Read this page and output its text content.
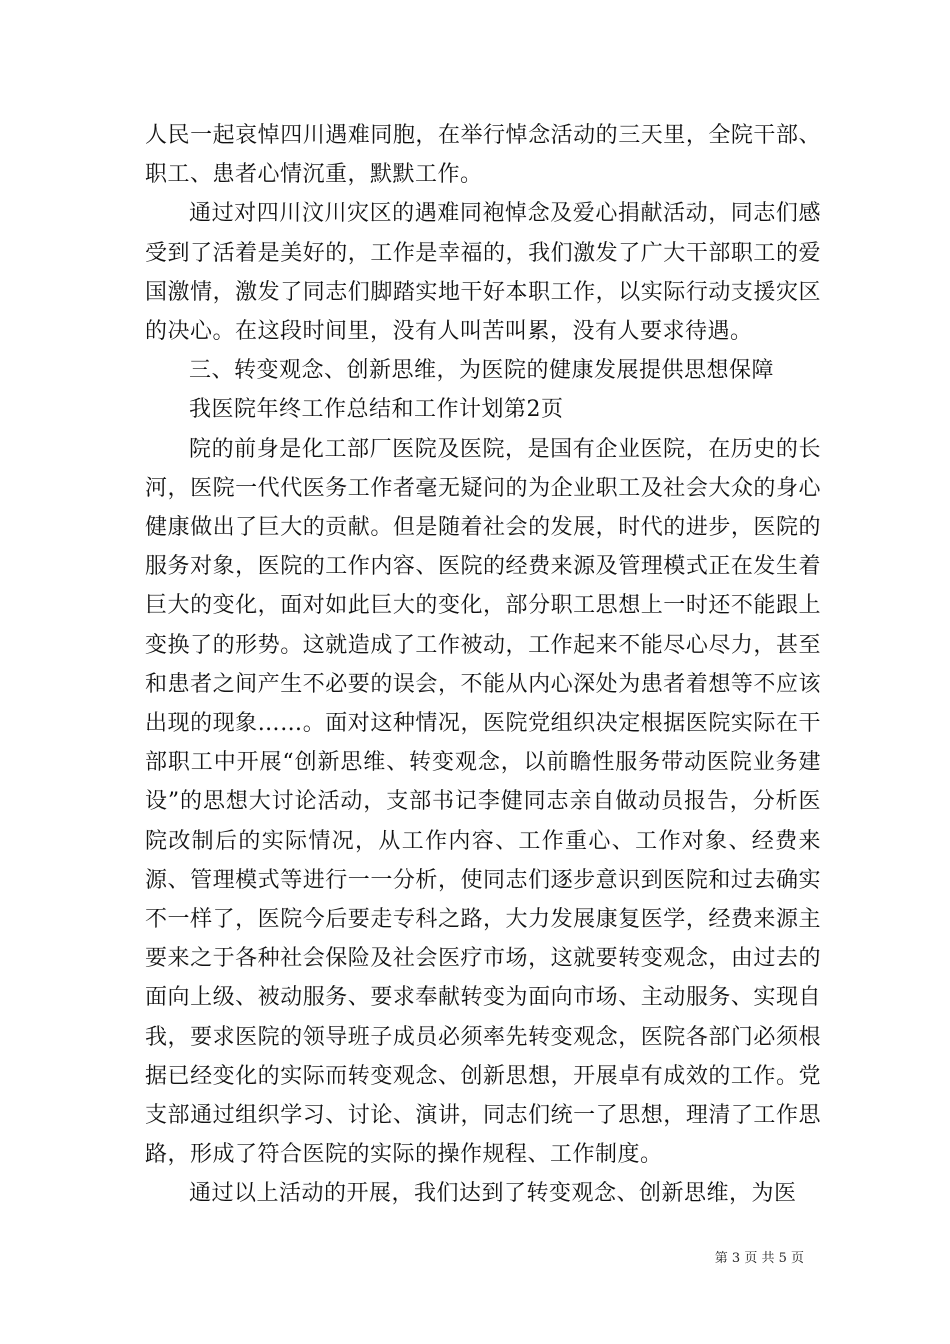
人民一起哀悼四川遇难同胞，在举行悼念活动的三天里，全院干部、职工、患者心情沉重，默默工作。

通过对四川汶川灾区的遇难同袍悼念及爱心捐献活动，同志们感受到了活着是美好的，工作是幸福的，我们激发了广大干部职工的爱国激情，激发了同志们脚踏实地干好本职工作，以实际行动支援灾区的决心。在这段时间里，没有人叫苦叫累，没有人要求待遇。

三、转变观念、创新思维，为医院的健康发展提供思想保障

我医院年终工作总结和工作计划第2页

院的前身是化工部厂医院及医院，是国有企业医院，在历史的长河，医院一代代医务工作者毫无疑问的为企业职工及社会大众的身心健康做出了巨大的贡献。但是随着社会的发展，时代的进步，医院的服务对象，医院的工作内容、医院的经费来源及管理模式正在发生着巨大的变化，面对如此巨大的变化，部分职工思想上一时还不能跟上变换了的形势。这就造成了工作被动，工作起来不能尽心尽力，甚至和患者之间产生不必要的误会，不能从内心深处为患者着想等不应该出现的现象……。面对这种情况，医院党组织决定根据医院实际在干部职工中开展“创新思维、转变观念，以前瞻性服务带动医院业务建设”的思想大讨论活动，支部书记李健同志亲自做动员报告，分析医院改制后的实际情况，从工作内容、工作重心、工作对象、经费来源、管理模式等进行一一分析，使同志们逐步意识到医院和过去确实不一样了，医院今后要走专科之路，大力发展康复医学，经费来源主要来之于各种社会保险及社会医疗市场，这就要转变观念，由过去的面向上级、被动服务、要求奉献转变为面向市场、主动服务、实现自我，要求医院的领导班子成员必须率先转变观念，医院各部门必须根据已经变化的实际而转变观念、创新思想，开展卓有成效的工作。党支部通过组织学习、讨论、演讲，同志们统一了思想，理清了工作思路，形成了符合医院的实际的操作规程、工作制度。

通过以上活动的开展，我们达到了转变观念、创新思维，为医

第 3 页 共 5 页
